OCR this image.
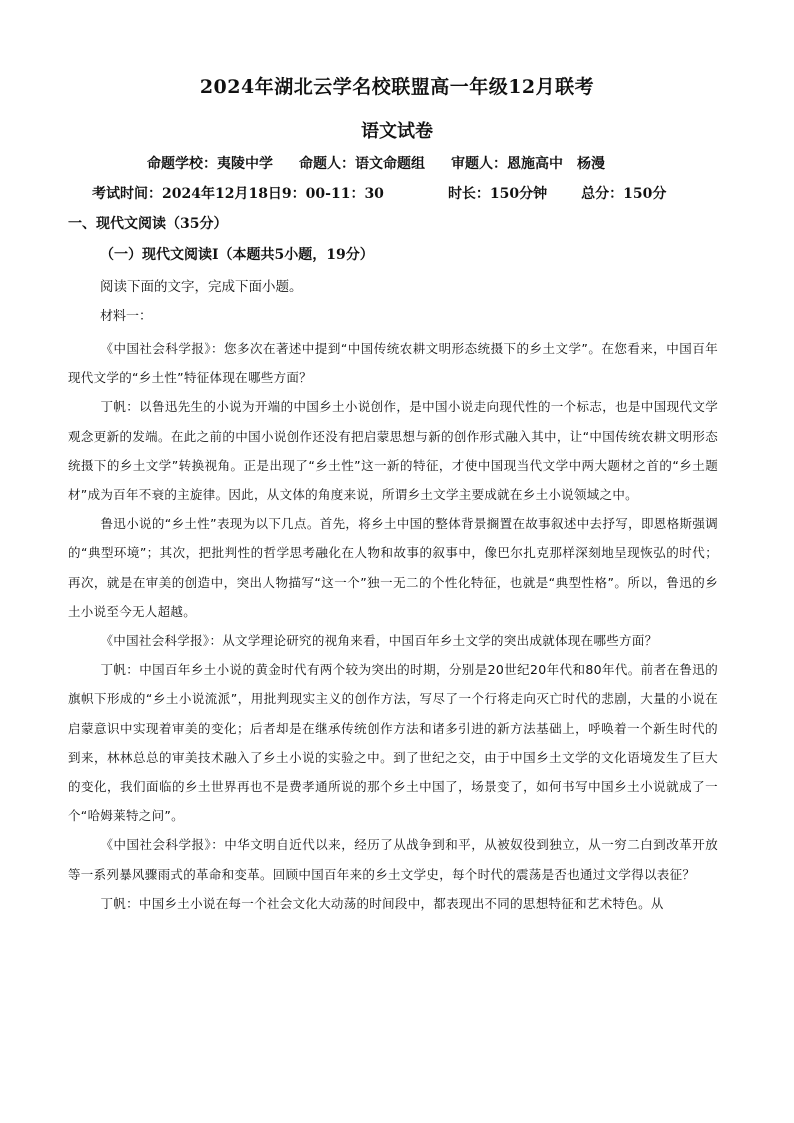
2024年湖北云学名校联盟高一年级12月联考
语文试卷
命题学校：夷陵中学 命题人：语文命题组 审题人：恩施高中　杨漫
考试时间：2024年12月18日9：00-11：30	时长：150分钟 总分：150分
一、现代文阅读（35分）
（一）现代文阅读Ⅰ（本题共5小题，19分）
阅读下面的文字，完成下面小题。
材料一：

《中国社会科学报》：您多次在著述中提到“中国传统农耕文明形态统摄下的乡土文学”。在您看来，中国百年现代文学的“乡土性”特征体现在哪些方面？

丁帆：以鲁迅先生的小说为开端的中国乡土小说创作，是中国小说走向现代性的一个标志，也是中国现代文学观念更新的发端。在此之前的中国小说创作还没有把启蒙思想与新的创作形式融入其中，让“中国传统农耕文明形态统摄下的乡土文学”转换视角。正是出现了“乡土性”这一新的特征，才使中国现当代文学中两大题材之首的“乡土题材”成为百年不衰的主旋律。因此，从文体的角度来说，所谓乡土文学主要成就在乡土小说领域之中。

鲁迅小说的“乡土性”表现为以下几点。首先，将乡土中国的整体背景搁置在故事叙述中去抒写，即恩格斯强调的“典型环境”；其次，把批判性的哲学思考融化在人物和故事的叙事中，像巴尔扎克那样深刻地呈现恢弘的时代；再次，就是在审美的创造中，突出人物描写“这一个”独一无二的个性化特征，也就是“典型性格”。所以，鲁迅的乡土小说至今无人超越。

《中国社会科学报》：从文学理论研究的视角来看，中国百年乡土文学的突出成就体现在哪些方面？

丁帆：中国百年乡土小说的黄金时代有两个较为突出的时期，分别是20世纪20年代和80年代。前者在鲁迅的旗帜下形成的“乡土小说流派”，用批判现实主义的创作方法，写尽了一个行将走向灭亡时代的悲剧，大量的小说在启蒙意识中实现着审美的变化；后者却是在继承传统创作方法和诸多引进的新方法基础上，呼唤着一个新生时代的到来，林林总总的审美技术融入了乡土小说的实验之中。到了世纪之交，由于中国乡土文学的文化语境发生了巨大的变化，我们面临的乡土世界再也不是费孝通所说的那个乡土中国了，场景变了，如何书写中国乡土小说就成了一个“哈姆莱特之问”。

《中国社会科学报》：中华文明自近代以来，经历了从战争到和平，从被奴役到独立，从一穷二白到改革开放等一系列暴风骤雨式的革命和变革。回顾中国百年来的乡土文学史，每个时代的震荡是否也通过文学得以表征？

丁帆：中国乡土小说在每一个社会文化大动荡的时间段中，都表现出不同的思想特征和艺术特色。从
